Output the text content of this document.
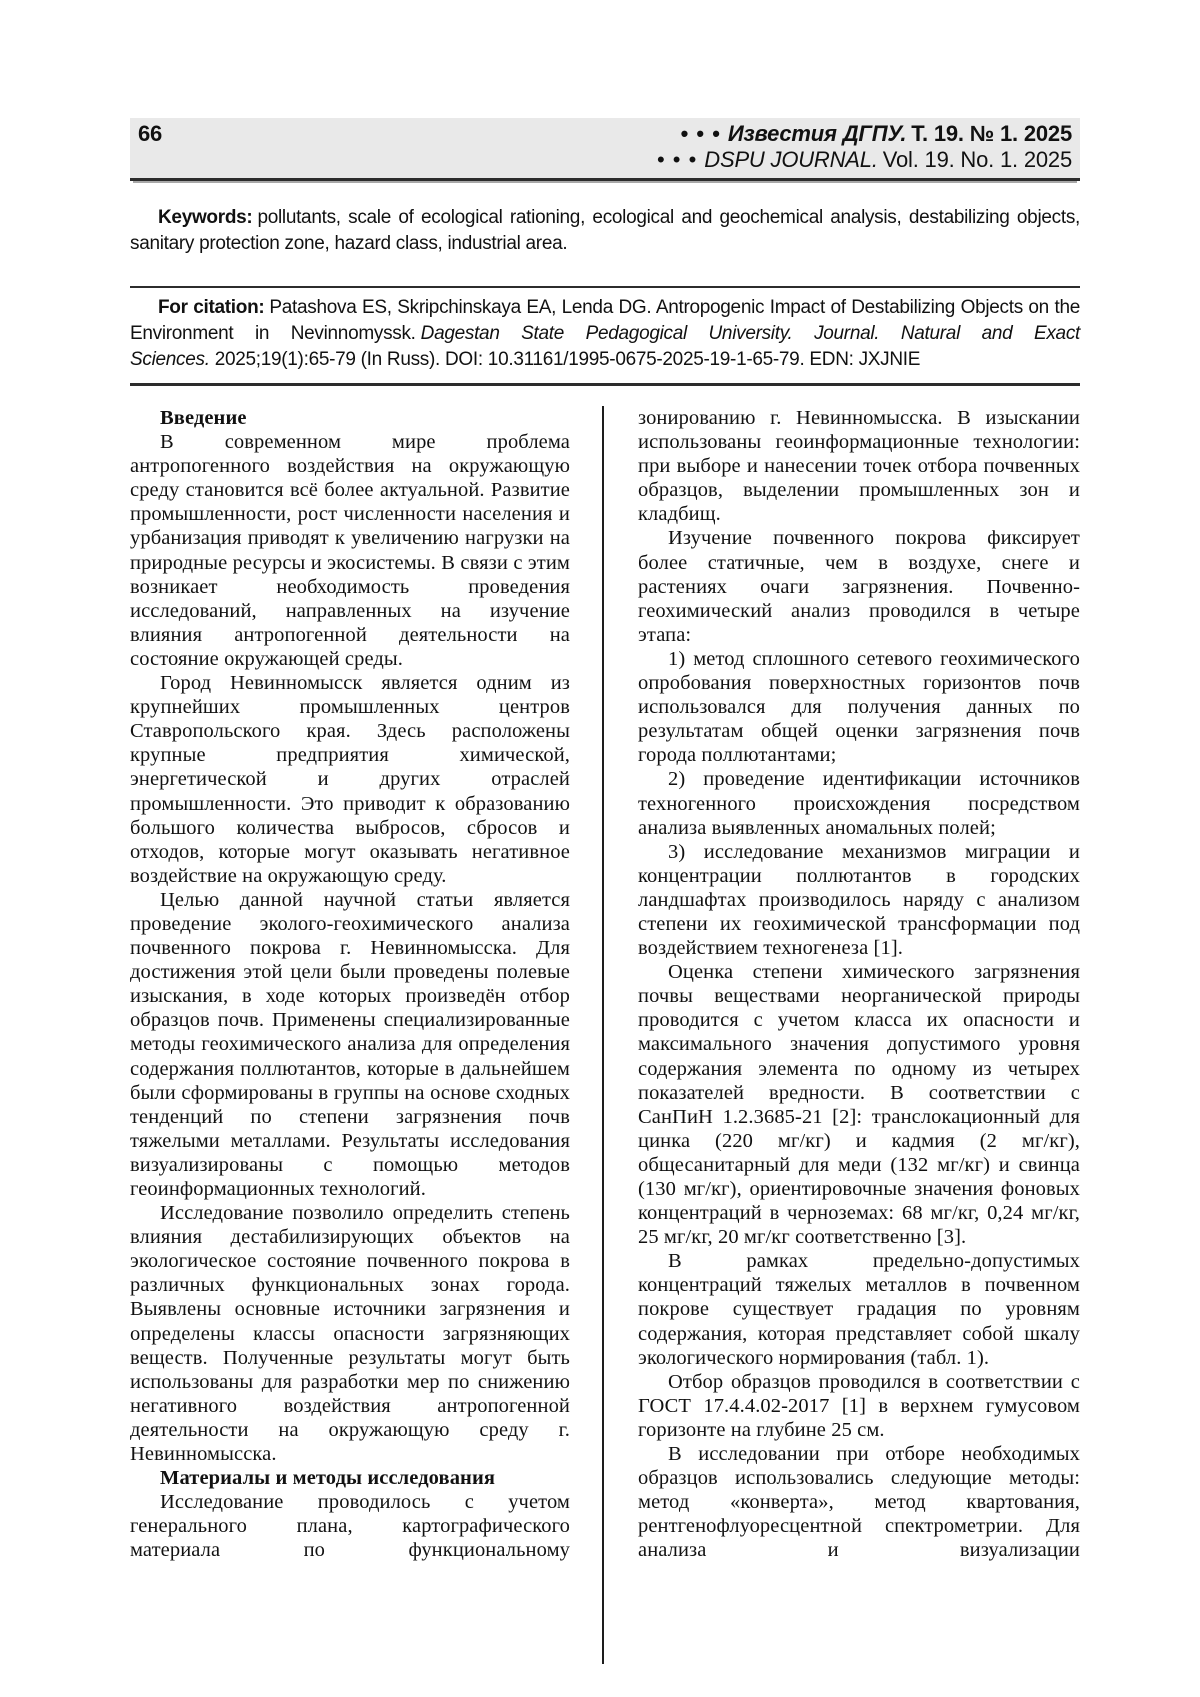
66	• • • Известия ДГПУ. Т. 19. № 1. 2025
• • • DSPU JOURNAL. Vol. 19. No. 1. 2025

Keywords: pollutants, scale of ecological rationing, ecological and geochemical analysis, destabilizing objects, sanitary protection zone, hazard class, industrial area.

For citation: Patashova ES, Skripchinskaya EA, Lenda DG. Antropogenic Impact of Destabilizing Objects on the Environment in Nevinnomyssk. Dagestan State Pedagogical University. Journal. Natural and Exact Sciences. 2025;19(1):65-79 (In Russ). DOI: 10.31161/1995-0675-2025-19-1-65-79. EDN: JXJNIE

Введение

В современном мире проблема антропогенного воздействия на окружающую среду становится всё более актуальной. Развитие промышленности, рост численности населения и урбанизация приводят к увеличению нагрузки на природные ресурсы и экосистемы. В связи с этим возникает необходимость проведения исследований, направленных на изучение влияния антропогенной деятельности на состояние окружающей среды.

Город Невинномысск является одним из крупнейших промышленных центров Ставропольского края. Здесь расположены крупные предприятия химической, энергетической и других отраслей промышленности. Это приводит к образованию большого количества выбросов, сбросов и отходов, которые могут оказывать негативное воздействие на окружающую среду.

Целью данной научной статьи является проведение эколого-геохимического анализа почвенного покрова г. Невинномысска. Для достижения этой цели были проведены полевые изыскания, в ходе которых произведён отбор образцов почв. Применены специализированные методы геохимического анализа для определения содержания поллютантов, которые в дальнейшем были сформированы в группы на основе сходных тенденций по степени загрязнения почв тяжелыми металлами. Результаты исследования визуализированы с помощью методов геоинформационных технологий.

Исследование позволило определить степень влияния дестабилизирующих объектов на экологическое состояние почвенного покрова в различных функциональных зонах города. Выявлены основные источники загрязнения и определены классы опасности загрязняющих веществ. Полученные результаты могут быть использованы для разработки мер по снижению негативного воздействия антропогенной деятельности на окружающую среду г. Невинномысска.

Материалы и методы исследования

Исследование проводилось с учетом генерального плана, картографического материала по функциональному

зонированию г. Невинномысска. В изыскании использованы геоинформационные технологии: при выборе и нанесении точек отбора почвенных образцов, выделении промышленных зон и кладбищ.

Изучение почвенного покрова фиксирует более статичные, чем в воздухе, снеге и растениях очаги загрязнения. Почвенно-геохимический анализ проводился в четыре этапа:

1) метод сплошного сетевого геохимического опробования поверхностных горизонтов почв использовался для получения данных по результатам общей оценки загрязнения почв города поллютантами;

2) проведение идентификации источников техногенного происхождения посредством анализа выявленных аномальных полей;

3) исследование механизмов миграции и концентрации поллютантов в городских ландшафтах производилось наряду с анализом степени их геохимической трансформации под воздействием техногенеза [1].

Оценка степени химического загрязнения почвы веществами неорганической природы проводится с учетом класса их опасности и максимального значения допустимого уровня содержания элемента по одному из четырех показателей вредности. В соответствии с СанПиН 1.2.3685-21 [2]: транслокационный для цинка (220 мг/кг) и кадмия (2 мг/кг), общесанитарный для меди (132 мг/кг) и свинца (130 мг/кг), ориентировочные значения фоновых концентраций в черноземах: 68 мг/кг, 0,24 мг/кг, 25 мг/кг, 20 мг/кг соответственно [3].

В рамках предельно-допустимых концентраций тяжелых металлов в почвенном покрове существует градация по уровням содержания, которая представляет собой шкалу экологического нормирования (табл. 1).

Отбор образцов проводился в соответствии с ГОСТ 17.4.4.02-2017 [1] в верхнем гумусовом горизонте на глубине 25 см.

В исследовании при отборе необходимых образцов использовались следующие методы: метод «конверта», метод квартования, рентгенофлуоресцентной спектрометрии. Для анализа и визуализации
